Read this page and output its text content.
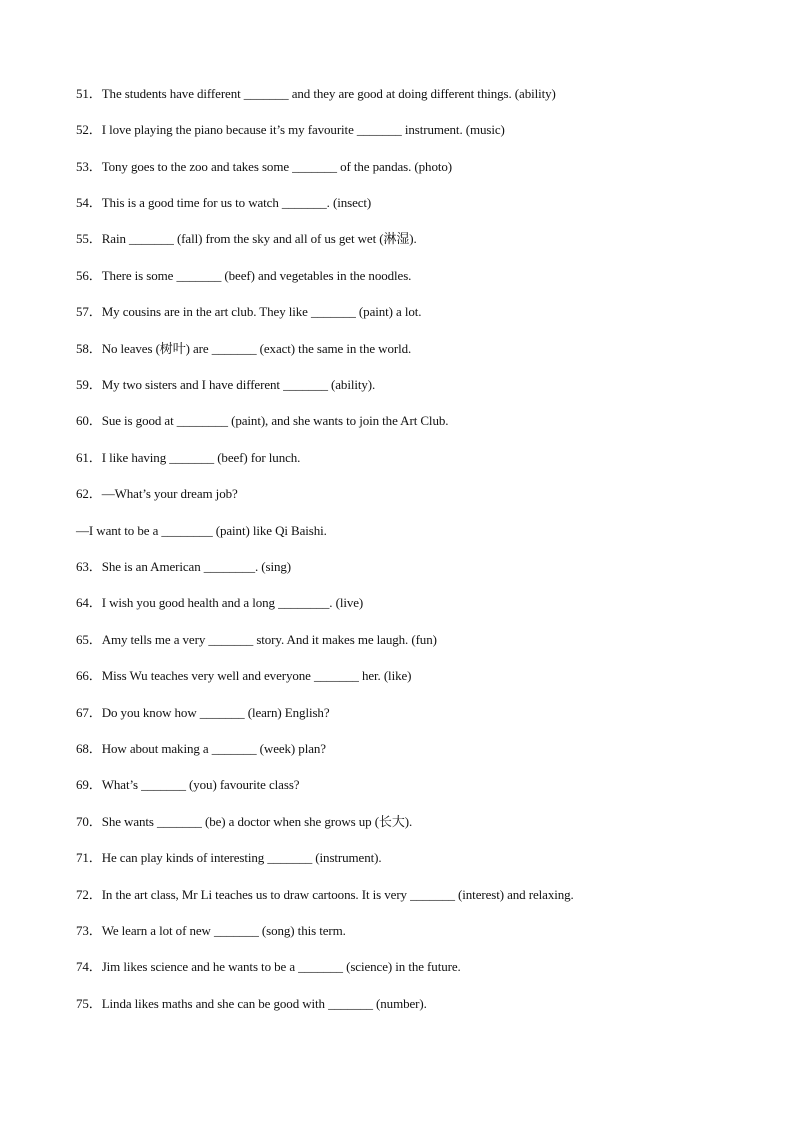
51．The students have different _______ and they are good at doing different things. (ability)
52．I love playing the piano because it’s my favourite _______ instrument. (music)
53．Tony goes to the zoo and takes some _______ of the pandas. (photo)
54．This is a good time for us to watch _______. (insect)
55．Rain _______ (fall) from the sky and all of us get wet (淋湿).
56．There is some _______ (beef) and vegetables in the noodles.
57．My cousins are in the art club. They like _______ (paint) a lot.
58．No leaves (树叶) are _______ (exact) the same in the world.
59．My two sisters and I have different _______ (ability).
60．Sue is good at ________ (paint), and she wants to join the Art Club.
61．I like having _______ (beef) for lunch.
62．—What’s your dream job?
—I want to be a ________ (paint) like Qi Baishi.
63．She is an American ________. (sing)
64．I wish you good health and a long ________. (live)
65．Amy tells me a very _______ story. And it makes me laugh. (fun)
66．Miss Wu teaches very well and everyone _______ her. (like)
67．Do you know how _______ (learn) English?
68．How about making a _______ (week) plan?
69．What’s _______ (you) favourite class?
70．She wants _______ (be) a doctor when she grows up (长大).
71．He can play kinds of interesting _______ (instrument).
72．In the art class, Mr Li teaches us to draw cartoons. It is very _______ (interest) and relaxing.
73．We learn a lot of new _______ (song) this term.
74．Jim likes science and he wants to be a _______ (science) in the future.
75．Linda likes maths and she can be good with _______ (number).
